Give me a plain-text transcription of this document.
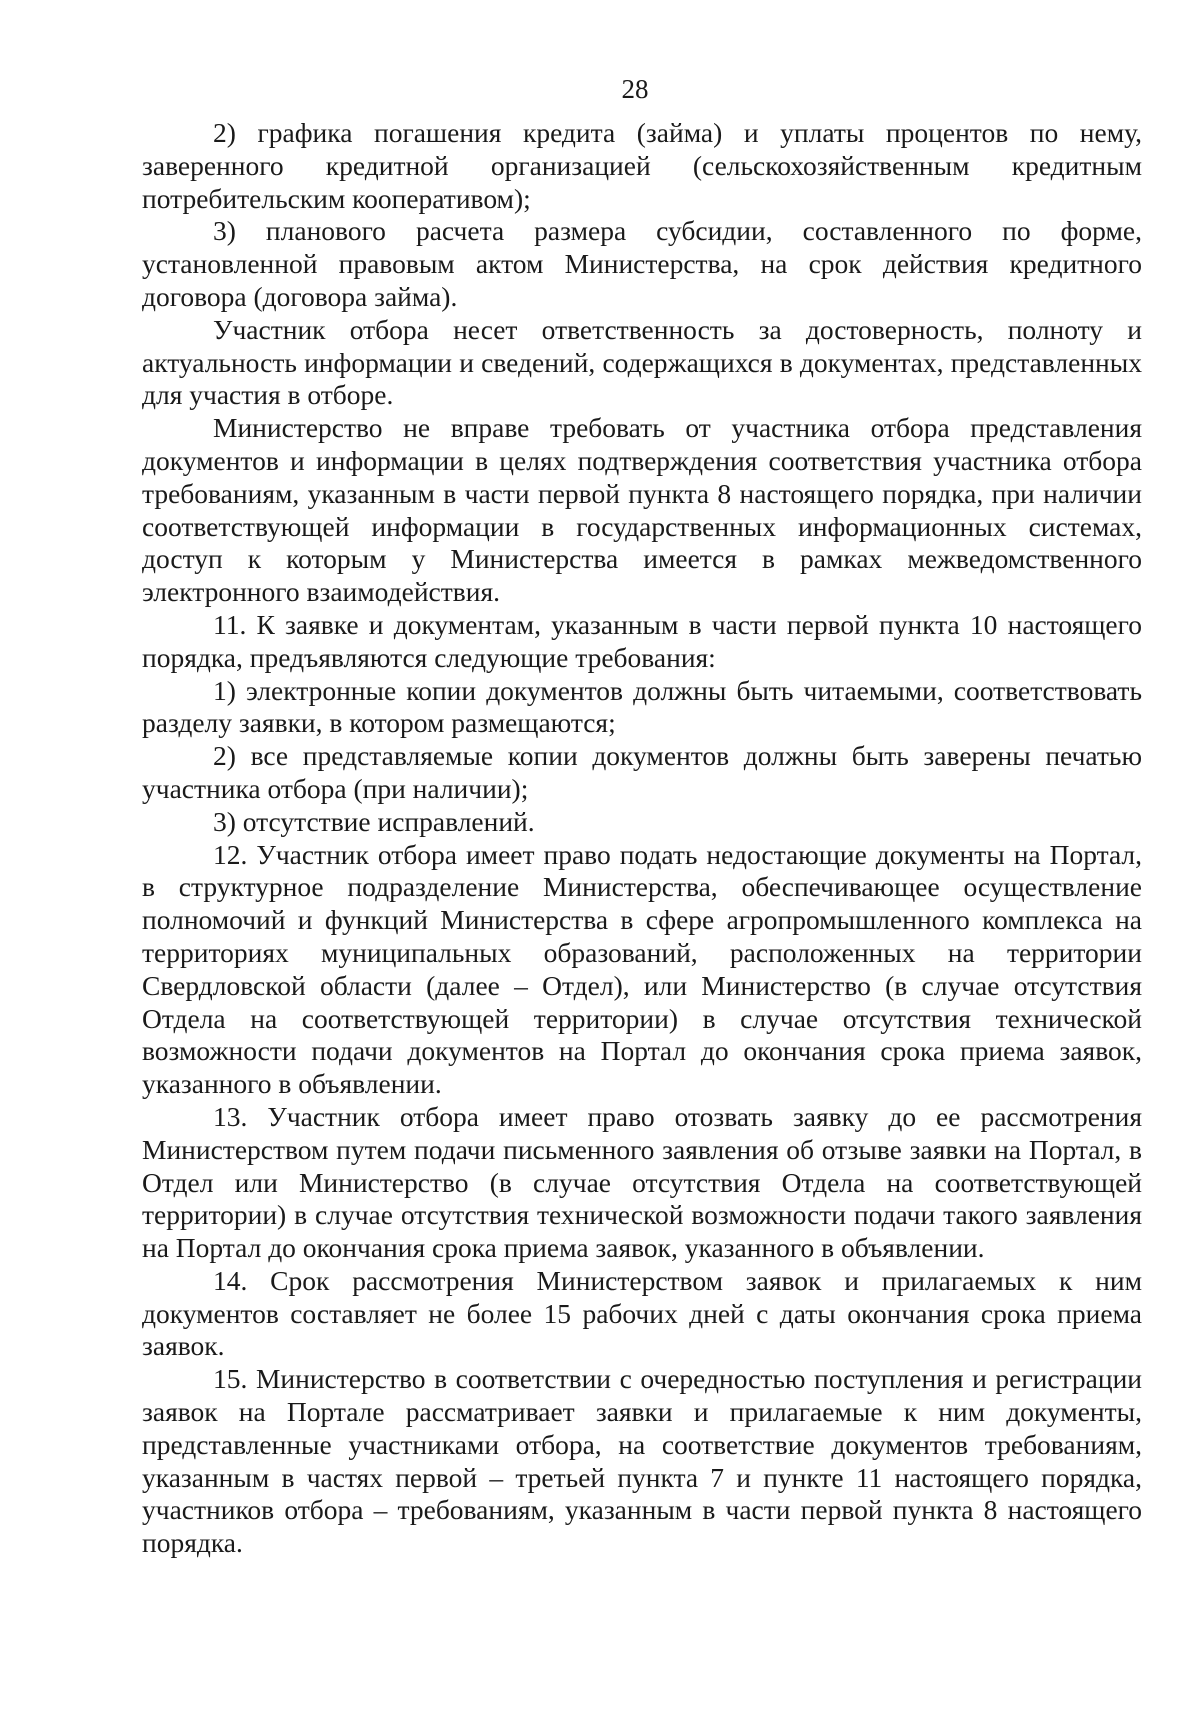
28

2) графика погашения кредита (займа) и уплаты процентов по нему, заверенного кредитной организацией (сельскохозяйственным кредитным потребительским кооперативом);

3) планового расчета размера субсидии, составленного по форме, установленной правовым актом Министерства, на срок действия кредитного договора (договора займа).

Участник отбора несет ответственность за достоверность, полноту и актуальность информации и сведений, содержащихся в документах, представленных для участия в отборе.

Министерство не вправе требовать от участника отбора представления документов и информации в целях подтверждения соответствия участника отбора требованиям, указанным в части первой пункта 8 настоящего порядка, при наличии соответствующей информации в государственных информационных системах, доступ к которым у Министерства имеется в рамках межведомственного электронного взаимодействия.

11. К заявке и документам, указанным в части первой пункта 10 настоящего порядка, предъявляются следующие требования:

1) электронные копии документов должны быть читаемыми, соответствовать разделу заявки, в котором размещаются;

2) все представляемые копии документов должны быть заверены печатью участника отбора (при наличии);

3) отсутствие исправлений.

12. Участник отбора имеет право подать недостающие документы на Портал, в структурное подразделение Министерства, обеспечивающее осуществление полномочий и функций Министерства в сфере агропромышленного комплекса на территориях муниципальных образований, расположенных на территории Свердловской области (далее – Отдел), или Министерство (в случае отсутствия Отдела на соответствующей территории) в случае отсутствия технической возможности подачи документов на Портал до окончания срока приема заявок, указанного в объявлении.

13. Участник отбора имеет право отозвать заявку до ее рассмотрения Министерством путем подачи письменного заявления об отзыве заявки на Портал, в Отдел или Министерство (в случае отсутствия Отдела на соответствующей территории) в случае отсутствия технической возможности подачи такого заявления на Портал до окончания срока приема заявок, указанного в объявлении.

14. Срок рассмотрения Министерством заявок и прилагаемых к ним документов составляет не более 15 рабочих дней с даты окончания срока приема заявок.

15. Министерство в соответствии с очередностью поступления и регистрации заявок на Портале рассматривает заявки и прилагаемые к ним документы, представленные участниками отбора, на соответствие документов требованиям, указанным в частях первой – третьей пункта 7 и пункте 11 настоящего порядка, участников отбора – требованиям, указанным в части первой пункта 8 настоящего порядка.
